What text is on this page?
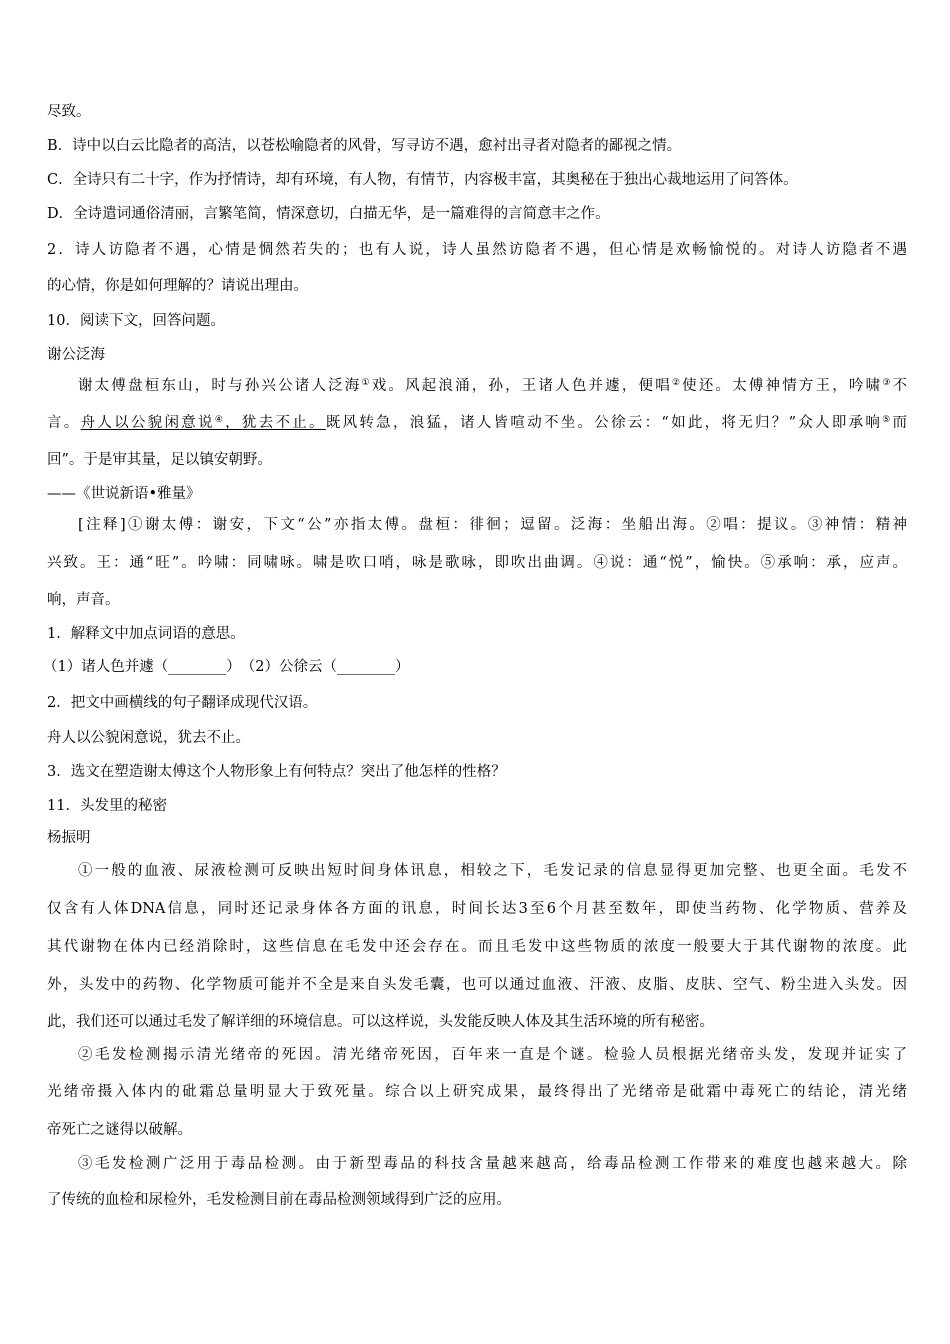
尽致。
B．诗中以白云比隐者的高洁，以苍松喻隐者的风骨，写寻访不遇，愈衬出寻者对隐者的鄙视之情。
C．全诗只有二十字，作为抒情诗，却有环境，有人物，有情节，内容极丰富，其奥秘在于独出心裁地运用了问答体。
D．全诗遣词通俗清丽，言繁笔简，情深意切，白描无华，是一篇难得的言简意丰之作。
2．诗人访隐者不遇，心情是惆然若失的；也有人说，诗人虽然访隐者不遇，但心情是欢畅愉悦的。对诗人访隐者不遇
的心情，你是如何理解的？请说出理由。
10．阅读下文，回答问题。
谢公泛海
谢太傅盘桓东山，时与孙兴公诸人泛海①戏。风起浪涌，孙，王诸人色并遽，便唱②使还。太傅神情方王，吟啸③不
言。舟人以公貌闲意说④，犹去不止。既风转急，浪猛，诸人皆喧动不坐。公徐云：“如此，将无归？”众人即承响⑤而
回”。于是审其量，足以镇安朝野。
——《世说新语•雅量》
[注释]①谢太傅：谢安，下文“公”亦指太傅。盘桓：徘徊；逗留。泛海：坐船出海。②唱：提议。③神情：精神
兴致。王：通“旺”。吟啸：同啸咏。啸是吹口哨，咏是歌咏，即吹出曲调。④说：通“悦”，愉快。⑤承响：承，应声。
响，声音。
1．解释文中加点词语的意思。
（1）诸人色并遽（________）　（2）公徐云（________）
2．把文中画横线的句子翻译成现代汉语。
舟人以公貌闲意说，犹去不止。
3．选文在塑造谢太傅这个人物形象上有何特点？突出了他怎样的性格？
11．头发里的秘密
杨振明
①一般的血液、尿液检测可反映出短时间身体讯息，相较之下，毛发记录的信息显得更加完整、也更全面。毛发不
仅含有人体DNA信息，同时还记录身体各方面的讯息，时间长达3至6个月甚至数年，即使当药物、化学物质、营养及
其代谢物在体内已经消除时，这些信息在毛发中还会存在。而且毛发中这些物质的浓度一般要大于其代谢物的浓度。此
外，头发中的药物、化学物质可能并不全是来自头发毛囊，也可以通过血液、汗液、皮脂、皮肤、空气、粉尘进入头发。因
此，我们还可以通过毛发了解详细的环境信息。可以这样说，头发能反映人体及其生活环境的所有秘密。
②毛发检测揭示清光绪帝的死因。清光绪帝死因，百年来一直是个谜。检验人员根据光绪帝头发，发现并证实了
光绪帝摄入体内的砒霜总量明显大于致死量。综合以上研究成果，最终得出了光绪帝是砒霜中毒死亡的结论，清光绪
帝死亡之谜得以破解。
③毛发检测广泛用于毒品检测。由于新型毒品的科技含量越来越高，给毒品检测工作带来的难度也越来越大。除
了传统的血检和尿检外，毛发检测目前在毒品检测领域得到广泛的应用。
